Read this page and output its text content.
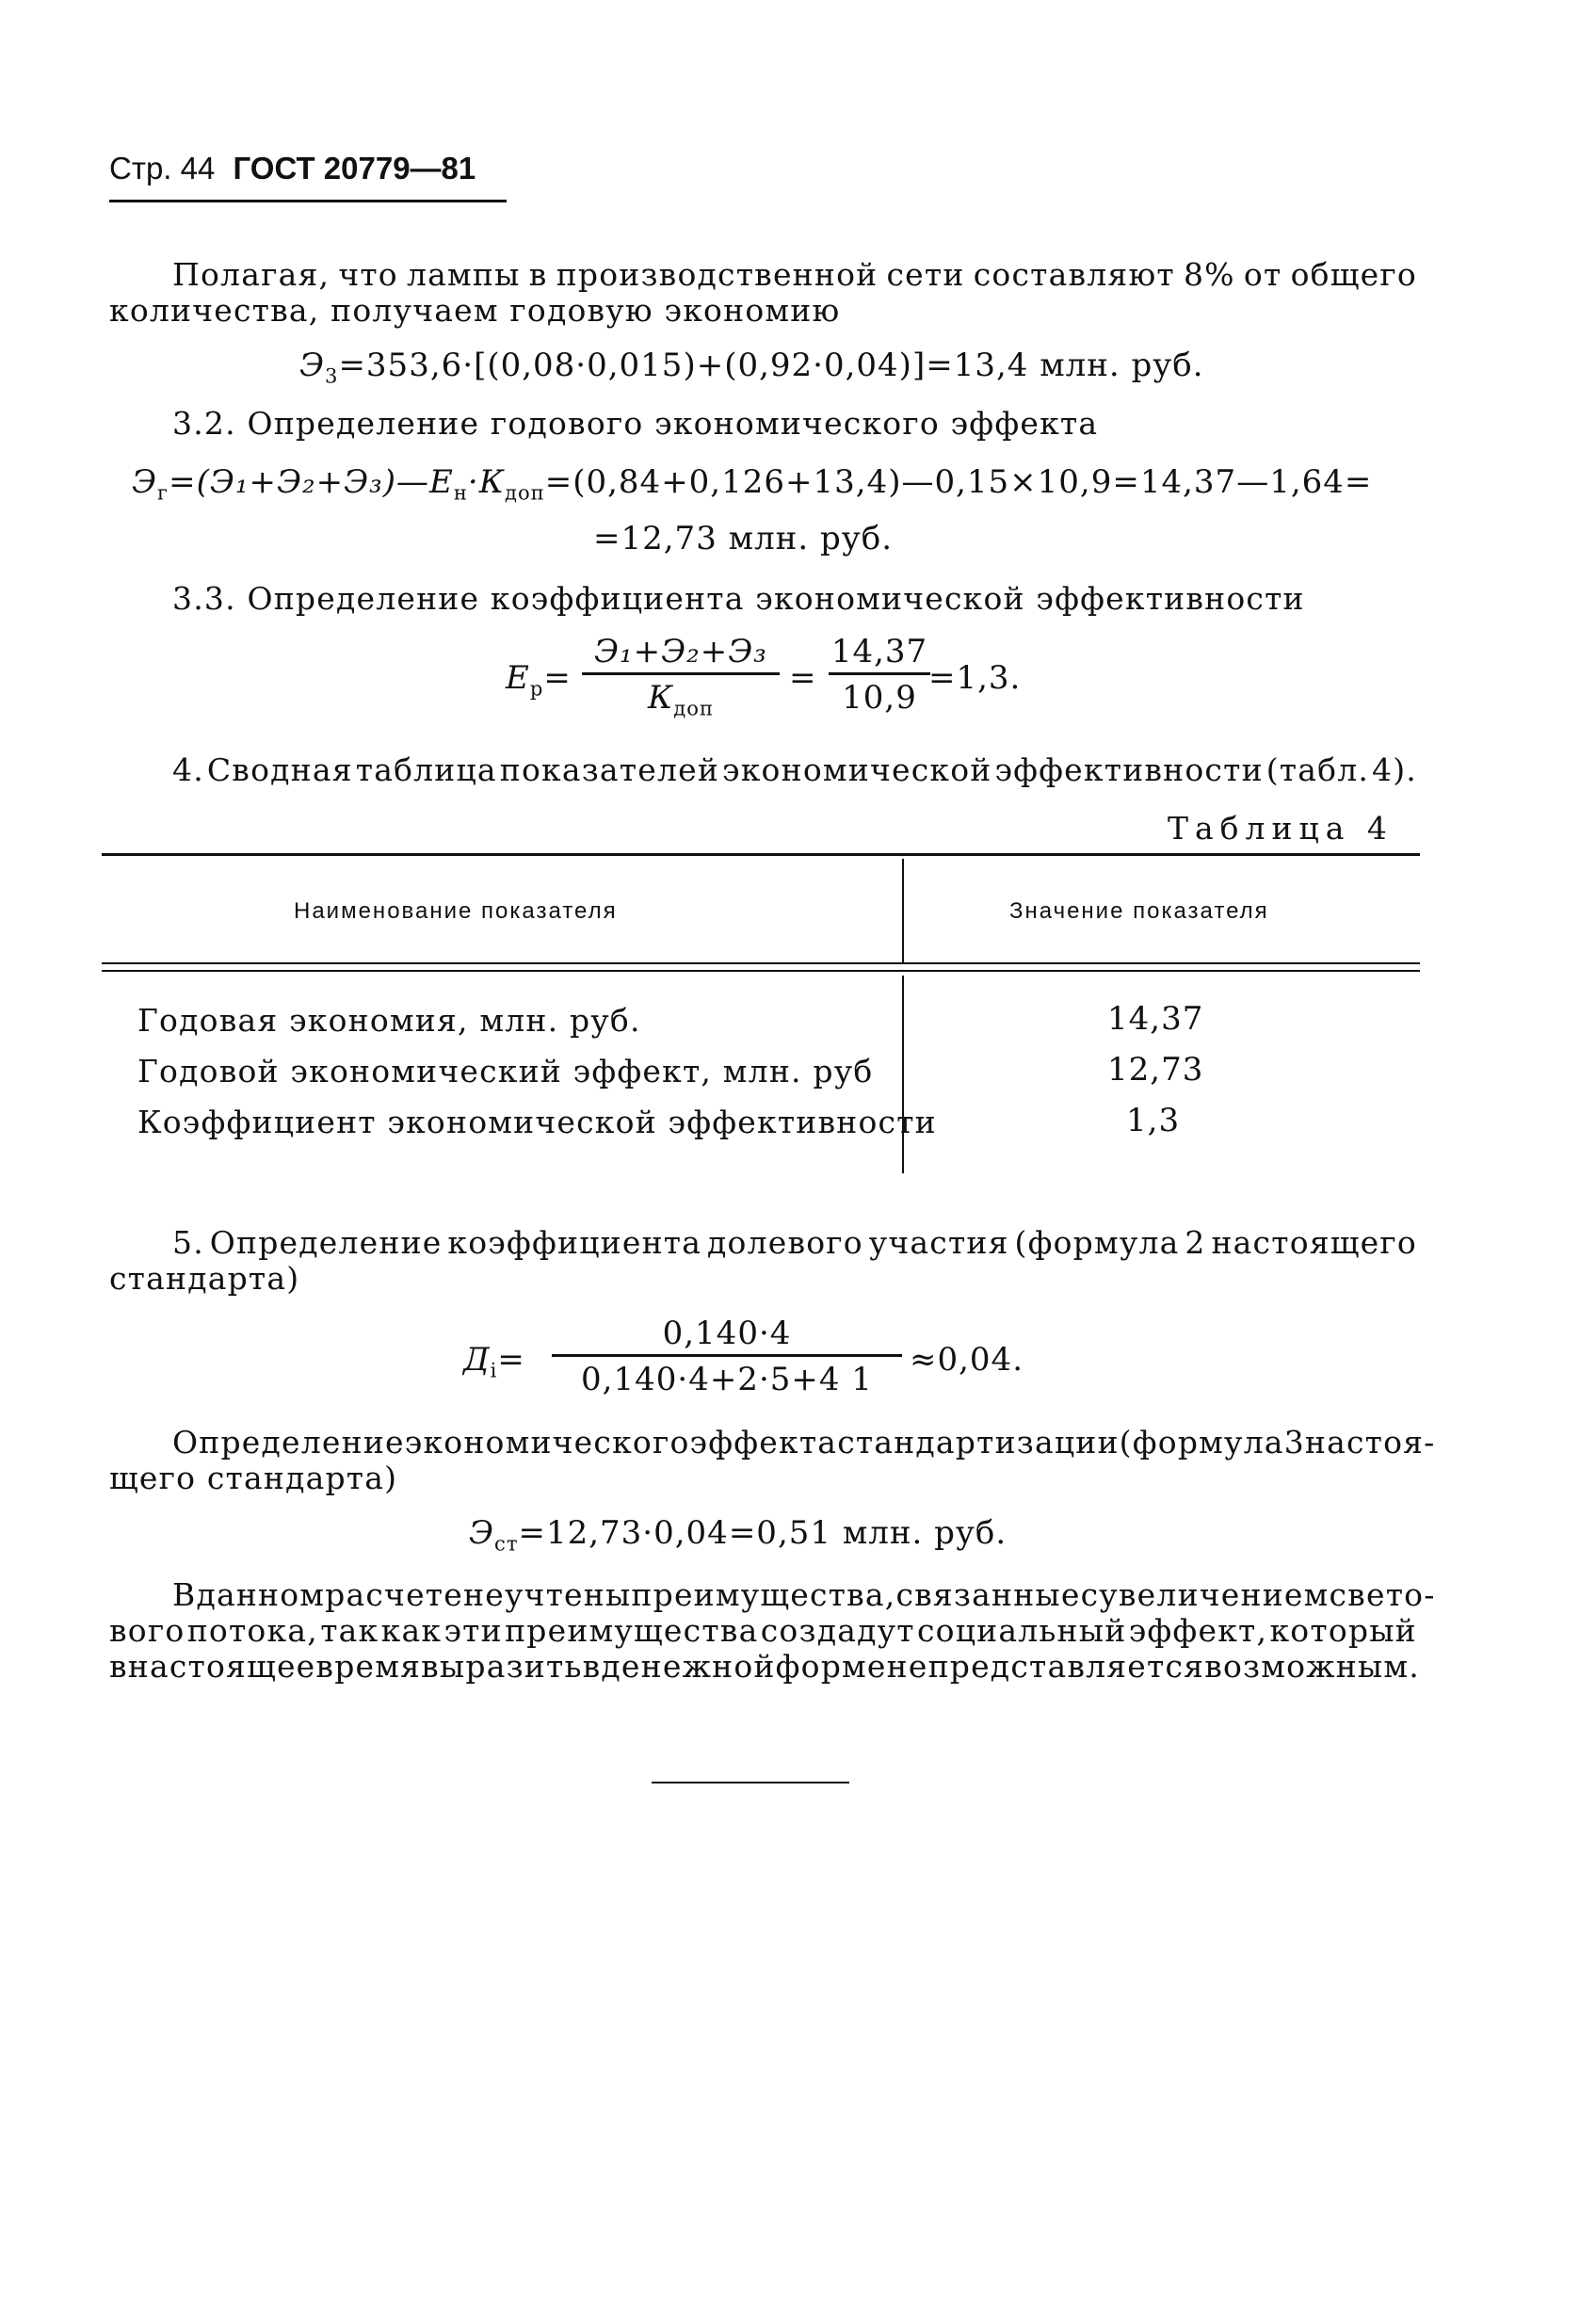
Стр. 44 ГОСТ 20779—81
Полагая, что лампы в производственной сети составляют 8% от общего
количества, получаем годовую экономию
$Э_3=353,6\cdot[(0,08\cdot 0,015)+(0,92\cdot 0,04)]=13,4$ млн. руб.
3.2. Определение годового экономического эффекта
$Э_г=(Э_1+Э_2+Э_3)—Е_н\cdot К_{доп}=(0,84+0,126+13,4)—0,15\times 10,9=14,37—1,64=$
=12,73 млн. руб.
3.3. Определение коэффициента экономической эффективности
$Е_р=$
Э₁+Э₂+Э₃
$К_{доп}$
=
14,37
10,9
=1,3.
4. Сводная таблица показателей экономической эффективности (табл. 4).
Таблица 4
Наименование показателя	Значение показателя
Годовая экономия, млн. руб.	14,37
Годовой экономический эффект, млн. руб	12,73
Коэффициент экономической эффективности	1,3
5. Определение коэффициента долевого участия (формула 2 настоящего
стандарта)
$Д_i=$
0,140·4
0,140·4+2·5+4 1
≈0,04.
Определение экономического эффекта стандартизации (формула 3 настоя-
щего стандарта)
$Э_{ст}=12,73\cdot 0,04=0,51$ млн. руб.
В данном расчете не учтены преимущества, связанные с увеличением свето-
вого потока, так как эти преимущества создадут социальный эффект, который
в настоящее время выразить в денежной форме не представляется возможным.
